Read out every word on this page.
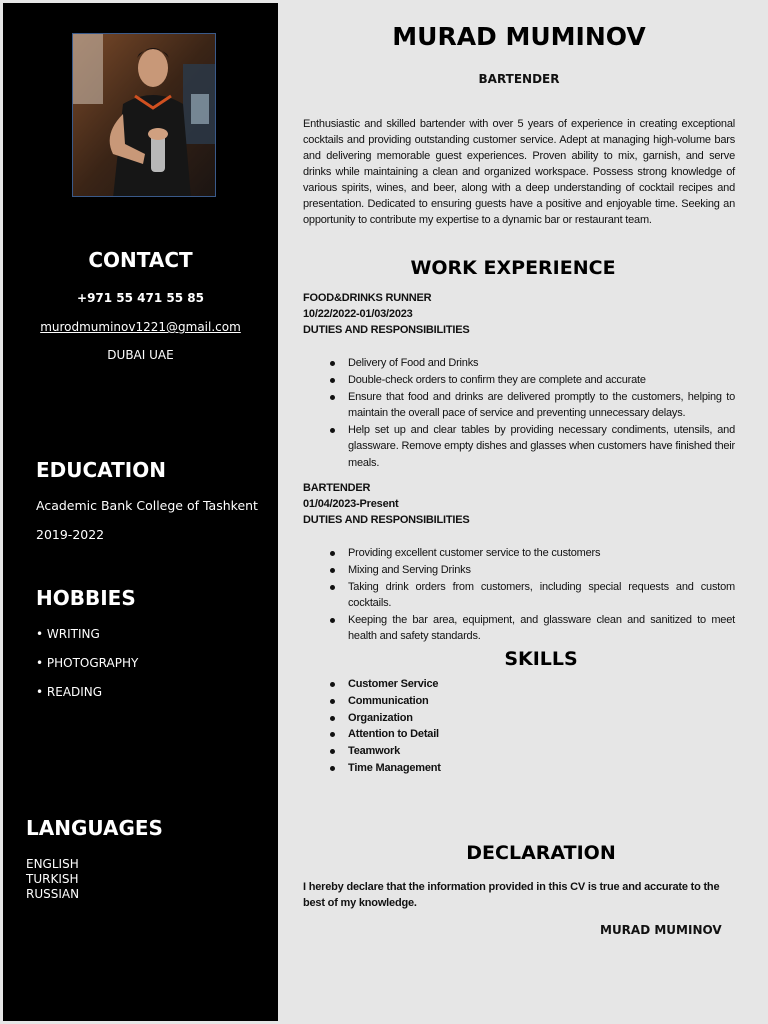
CONTACT
+971 55 471 55 85
murodmuminov1221@gmail.com
DUBAI UAE
EDUCATION
Academic Bank College of Tashkent
2019-2022
HOBBIES
• WRITING
• PHOTOGRAPHY
• READING
LANGUAGES
ENGLISH
TURKISH
RUSSIAN
MURAD MUMINOV
BARTENDER

Enthusiastic and skilled bartender with over 5 years of experience in creating exceptional cocktails and providing outstanding customer service. Adept at managing high-volume bars and delivering memorable guest experiences. Proven ability to mix, garnish, and serve drinks while maintaining a clean and organized workspace. Possess strong knowledge of various spirits, wines, and beer, along with a deep understanding of cocktail recipes and presentation. Dedicated to ensuring guests have a positive and enjoyable time. Seeking an opportunity to contribute my expertise to a dynamic bar or restaurant team.

WORK EXPERIENCE
FOOD&DRINKS RUNNER
10/22/2022-01/03/2023
DUTIES AND RESPONSIBILITIES
Delivery of Food and Drinks
Double-check orders to confirm they are complete and accurate
Ensure that food and drinks are delivered promptly to the customers, helping to maintain the overall pace of service and preventing unnecessary delays.
Help set up and clear tables by providing necessary condiments, utensils, and glassware. Remove empty dishes and glasses when customers have finished their meals.
BARTENDER
01/04/2023-Present
DUTIES AND RESPONSIBILITIES
Providing excellent customer service to the customers
Mixing and Serving Drinks
Taking drink orders from customers, including special requests and custom cocktails.
Keeping the bar area, equipment, and glassware clean and sanitized to meet health and safety standards.
SKILLS
Customer Service
Communication
Organization
Attention to Detail
Teamwork
Time Management
DECLARATION

I hereby declare that the information provided in this CV is true and accurate to the best of my knowledge.

MURAD MUMINOV
